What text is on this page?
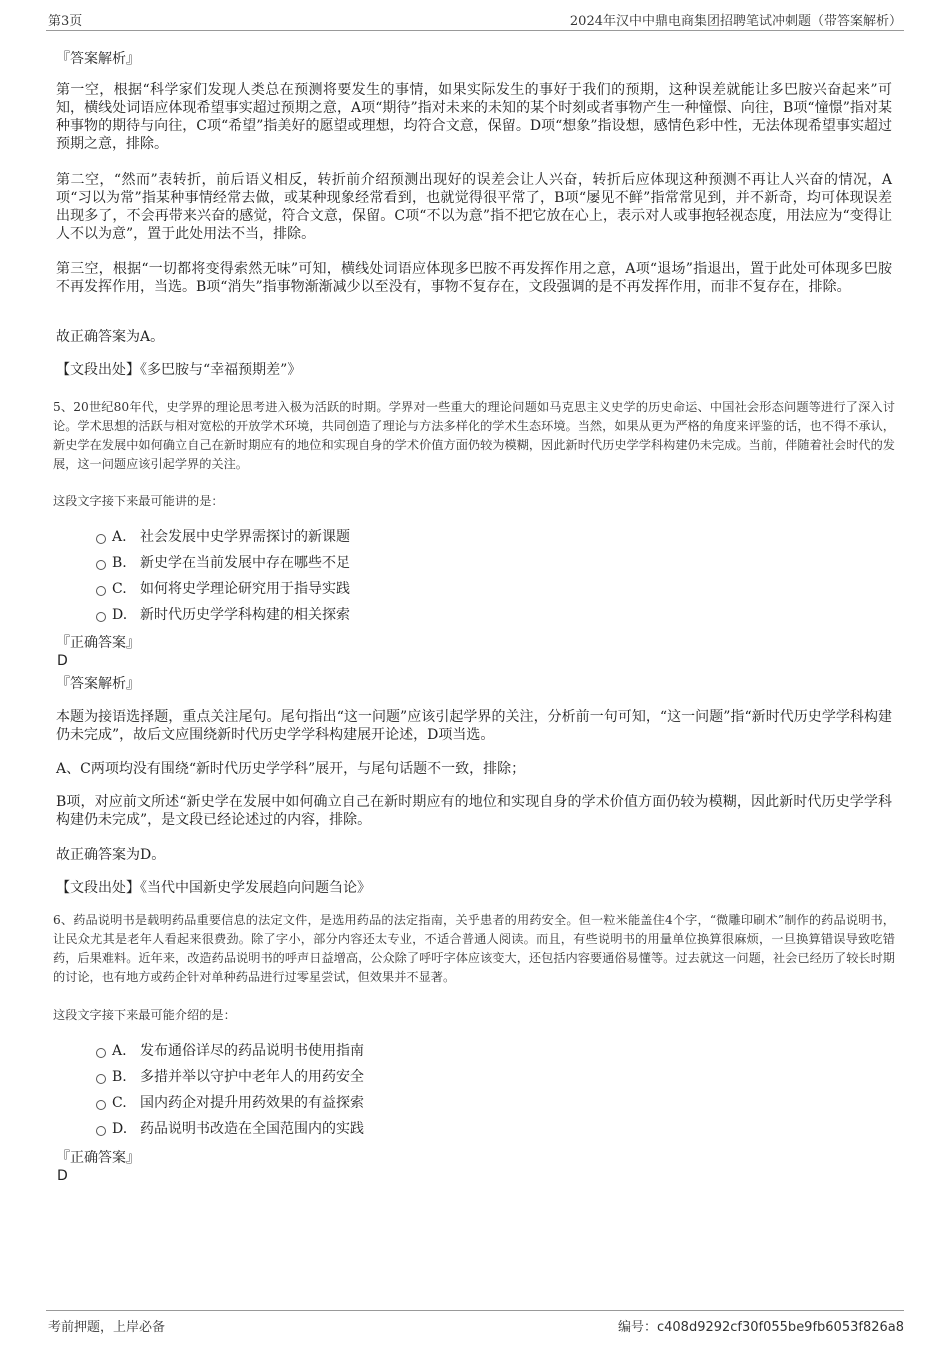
第3页	2024年汉中中鼎电商集团招聘笔试冲刺题（带答案解析）
『答案解析』

第一空，根据“科学家们发现人类总在预测将要发生的事情，如果实际发生的事好于我们的预期，这种误差就能让多巴胺兴奋起来”可知，横线处词语应体现希望事实超过预期之意，A项“期待”指对未来的未知的某个时刻或者事物产生一种憧憬、向往，B项“憧憬”指对某种事物的期待与向往，C项“希望”指美好的愿望或理想，均符合文意，保留。D项“想象”指设想，感情色彩中性，无法体现希望事实超过预期之意，排除。

第二空，“然而”表转折，前后语义相反，转折前介绍预测出现好的误差会让人兴奋，转折后应体现这种预测不再让人兴奋的情况，A项“习以为常”指某种事情经常去做，或某种现象经常看到，也就觉得很平常了，B项“屡见不鲜”指常常见到，并不新奇，均可体现误差出现多了，不会再带来兴奋的感觉，符合文意，保留。C项“不以为意”指不把它放在心上，表示对人或事抱轻视态度，用法应为“变得让人不以为意”，置于此处用法不当，排除。

第三空，根据“一切都将变得索然无味”可知，横线处词语应体现多巴胺不再发挥作用之意，A项“退场”指退出，置于此处可体现多巴胺不再发挥作用，当选。B项“消失”指事物渐渐减少以至没有，事物不复存在，文段强调的是不再发挥作用，而非不复存在，排除。

故正确答案为A。

【文段出处】《多巴胺与“幸福预期差”》

5、20世纪80年代，史学界的理论思考进入极为活跃的时期。学界对一些重大的理论问题如马克思主义史学的历史命运、中国社会形态问题等进行了深入讨论。学术思想的活跃与相对宽松的开放学术环境，共同创造了理论与方法多样化的学术生态环境。当然，如果从更为严格的角度来评鉴的话，也不得不承认，新史学在发展中如何确立自己在新时期应有的地位和实现自身的学术价值方面仍较为模糊，因此新时代历史学学科构建仍未完成。当前，伴随着社会时代的发展，这一问题应该引起学界的关注。

这段文字接下来最可能讲的是：

A. 社会发展中史学界需探讨的新课题
B. 新史学在当前发展中存在哪些不足
C. 如何将史学理论研究用于指导实践
D. 新时代历史学学科构建的相关探索
『正确答案』
D
『答案解析』

本题为接语选择题，重点关注尾句。尾句指出“这一问题”应该引起学界的关注，分析前一句可知，“这一问题”指“新时代历史学学科构建仍未完成”，故后文应围绕新时代历史学学科构建展开论述，D项当选。

A、C两项均没有围绕“新时代历史学学科”展开，与尾句话题不一致，排除；

B项，对应前文所述“新史学在发展中如何确立自己在新时期应有的地位和实现自身的学术价值方面仍较为模糊，因此新时代历史学学科构建仍未完成”，是文段已经论述过的内容，排除。

故正确答案为D。

【文段出处】《当代中国新史学发展趋向问题刍论》

6、药品说明书是载明药品重要信息的法定文件，是选用药品的法定指南，关乎患者的用药安全。但一粒米能盖住4个字，“微雕印刷术”制作的药品说明书，让民众尤其是老年人看起来很费劲。除了字小，部分内容还太专业，不适合普通人阅读。而且，有些说明书的用量单位换算很麻烦，一旦换算错误导致吃错药，后果难料。近年来，改造药品说明书的呼声日益增高，公众除了呼吁字体应该变大，还包括内容要通俗易懂等。过去就这一问题，社会已经历了较长时期的讨论，也有地方或药企针对单种药品进行过零星尝试，但效果并不显著。

这段文字接下来最可能介绍的是：

A. 发布通俗详尽的药品说明书使用指南
B. 多措并举以守护中老年人的用药安全
C. 国内药企对提升用药效果的有益探索
D. 药品说明书改造在全国范围内的实践
『正确答案』
D
考前押题，上岸必备	编号：c408d9292cf30f055be9fb6053f826a8
